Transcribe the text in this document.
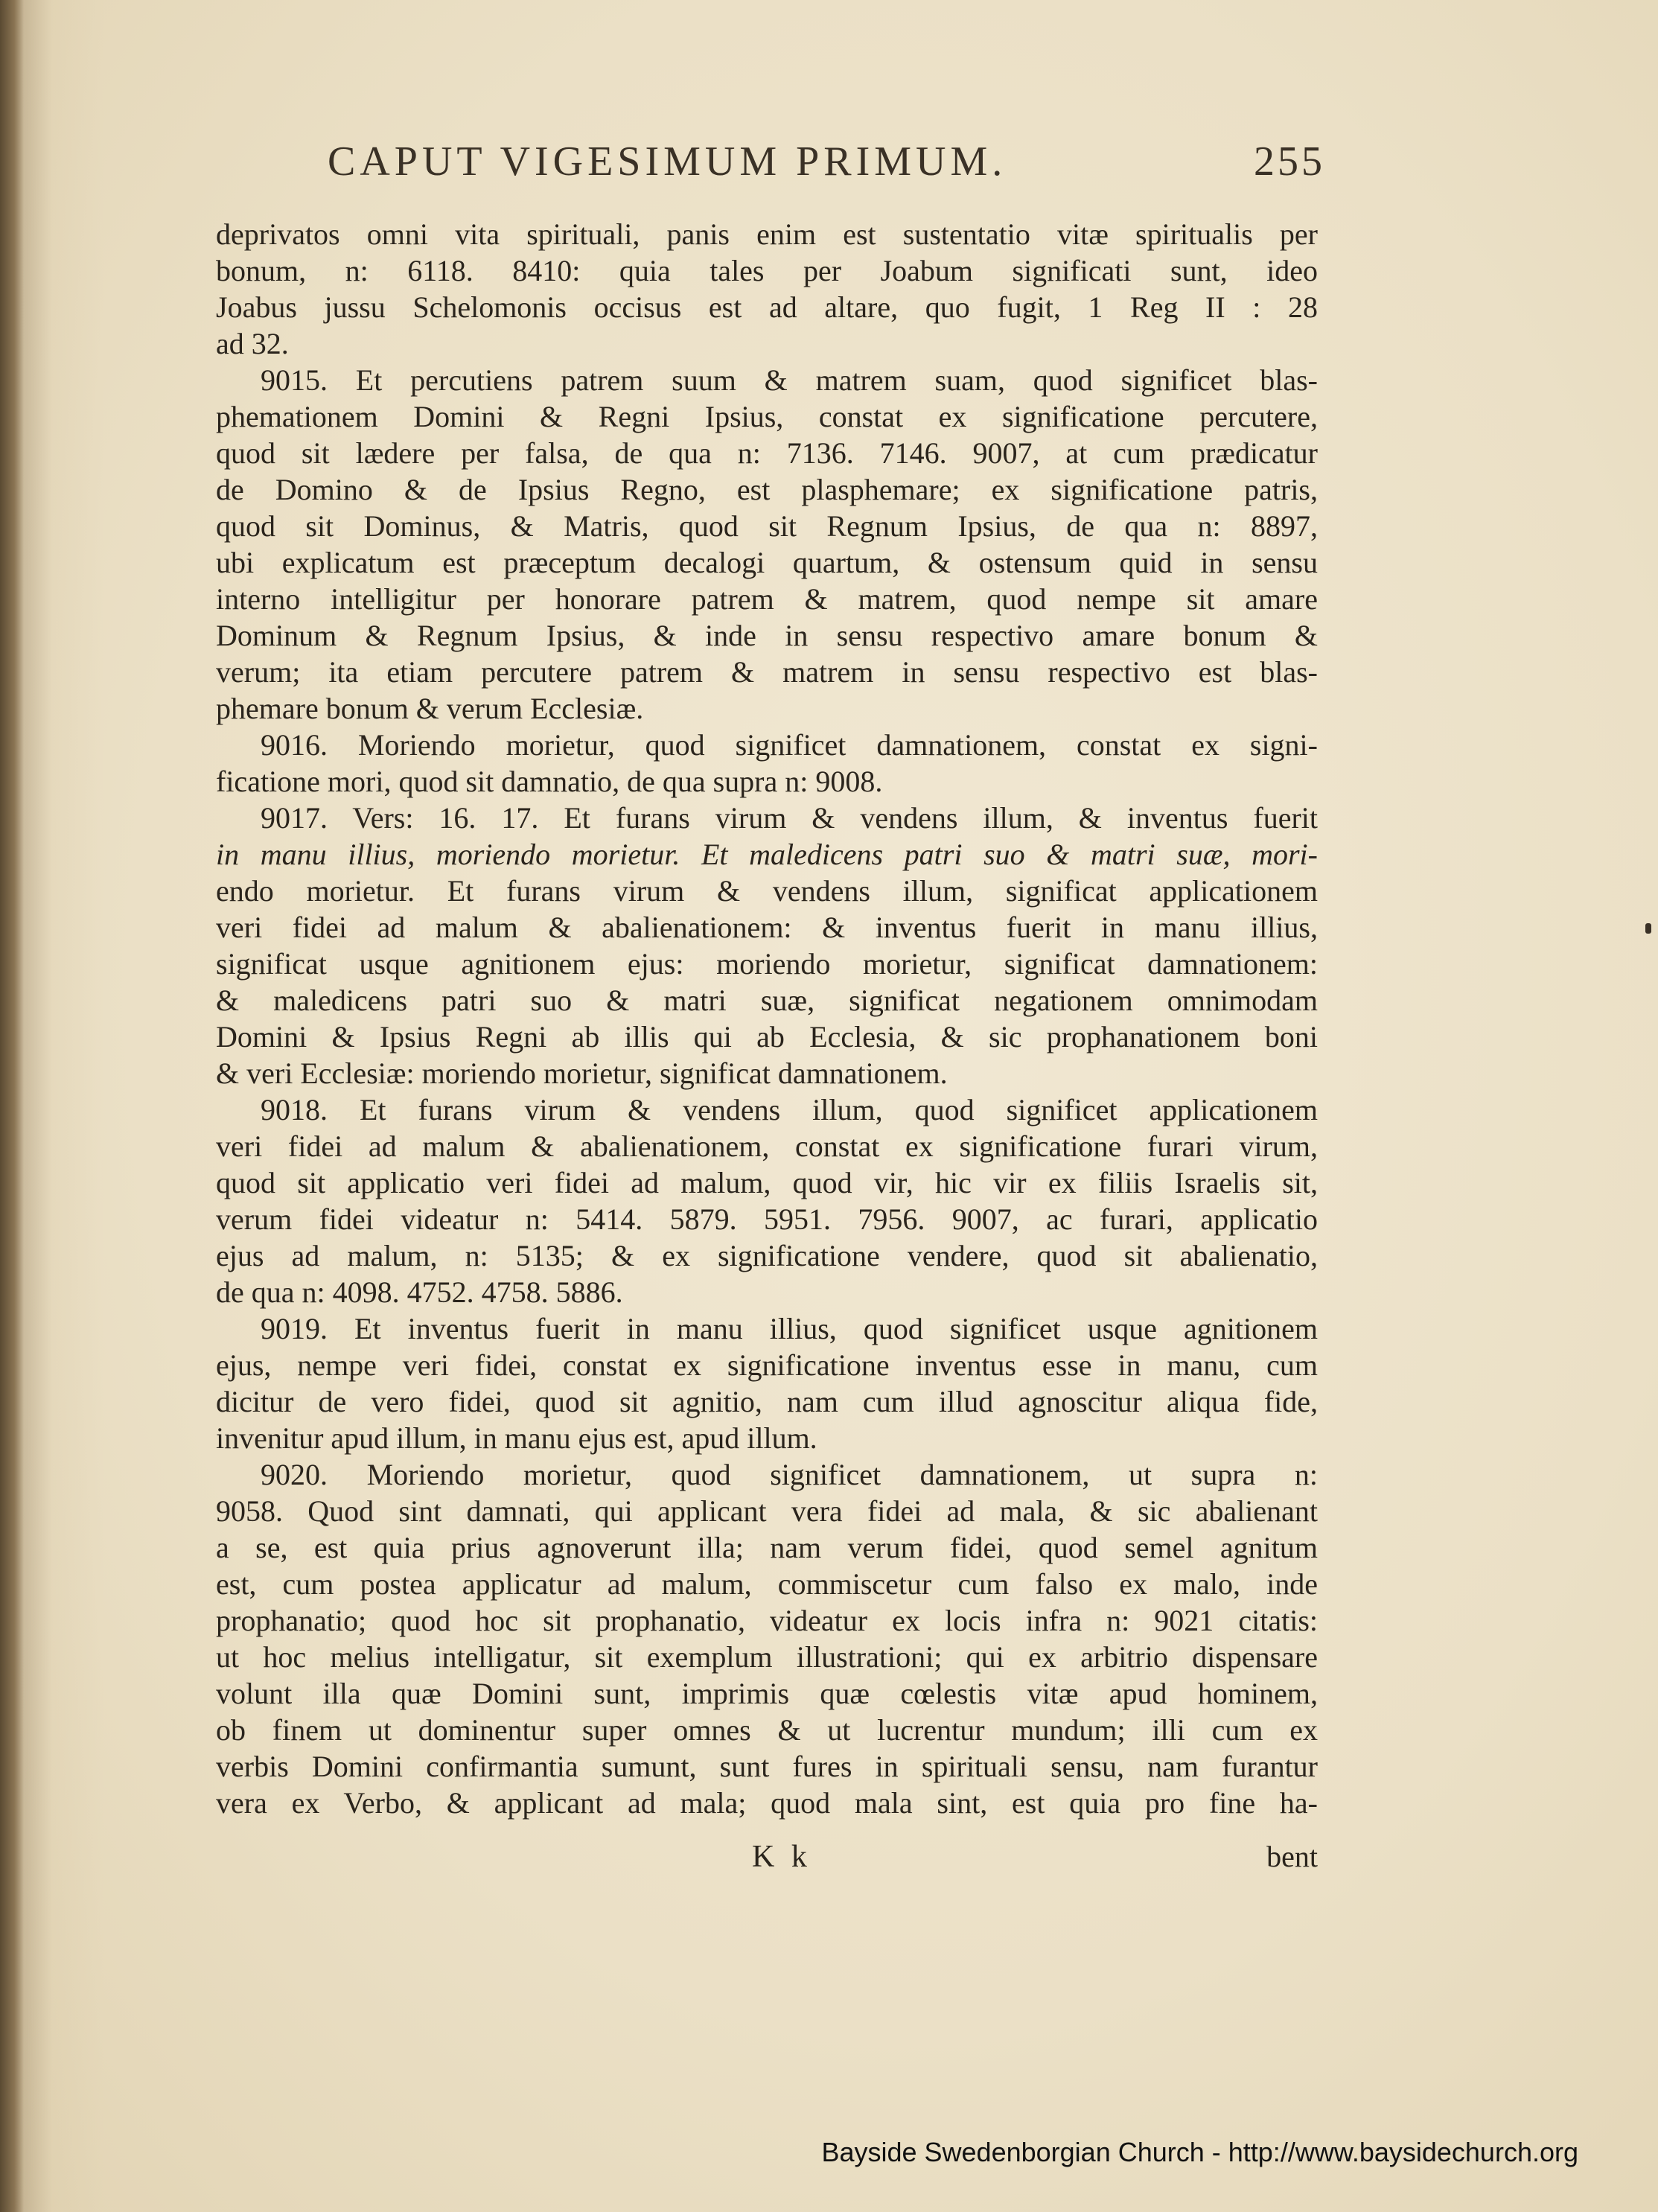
CAPUT VIGESIMUM PRIMUM.	255
deprivatos omni vita spirituali, panis enim est sustentatio vitæ spiritualis per
bonum, n: 6118. 8410: quia tales per Joabum significati sunt, ideo
Joabus jussu Schelomonis occisus est ad altare, quo fugit, 1 Reg II : 28
ad 32.
9015. Et percutiens patrem suum & matrem suam, quod significet blas-
phemationem Domini & Regni Ipsius, constat ex significatione percutere,
quod sit lædere per falsa, de qua n: 7136. 7146. 9007, at cum prædicatur
de Domino & de Ipsius Regno, est plasphemare; ex significatione patris,
quod sit Dominus, & Matris, quod sit Regnum Ipsius, de qua n: 8897,
ubi explicatum est præceptum decalogi quartum, & ostensum quid in sensu
interno intelligitur per honorare patrem & matrem, quod nempe sit amare
Dominum & Regnum Ipsius, & inde in sensu respectivo amare bonum &
verum; ita etiam percutere patrem & matrem in sensu respectivo est blas-
phemare bonum & verum Ecclesiæ.
9016. Moriendo morietur, quod significet damnationem, constat ex signi-
ficatione mori, quod sit damnatio, de qua supra n: 9008.
9017. Vers: 16. 17. Et furans virum & vendens illum, & inventus fuerit
in manu illius, moriendo morietur. Et maledicens patri suo & matri suæ, mori-
endo morietur. Et furans virum & vendens illum, significat applicationem
veri fidei ad malum & abalienationem: & inventus fuerit in manu illius,
significat usque agnitionem ejus: moriendo morietur, significat damnationem:
& maledicens patri suo & matri suæ, significat negationem omnimodam
Domini & Ipsius Regni ab illis qui ab Ecclesia, & sic prophanationem boni
& veri Ecclesiæ: moriendo morietur, significat damnationem.
9018. Et furans virum & vendens illum, quod significet applicationem
veri fidei ad malum & abalienationem, constat ex significatione furari virum,
quod sit applicatio veri fidei ad malum, quod vir, hic vir ex filiis Israelis sit,
verum fidei videatur n: 5414. 5879. 5951. 7956. 9007, ac furari, applicatio
ejus ad malum, n: 5135; & ex significatione vendere, quod sit abalienatio,
de qua n: 4098. 4752. 4758. 5886.
9019. Et inventus fuerit in manu illius, quod significet usque agnitionem
ejus, nempe veri fidei, constat ex significatione inventus esse in manu, cum
dicitur de vero fidei, quod sit agnitio, nam cum illud agnoscitur aliqua fide,
invenitur apud illum, in manu ejus est, apud illum.
9020. Moriendo morietur, quod significet damnationem, ut supra n:
9058. Quod sint damnati, qui applicant vera fidei ad mala, & sic abalienant
a se, est quia prius agnoverunt illa; nam verum fidei, quod semel agnitum
est, cum postea applicatur ad malum, commiscetur cum falso ex malo, inde
prophanatio; quod hoc sit prophanatio, videatur ex locis infra n: 9021 citatis:
ut hoc melius intelligatur, sit exemplum illustrationi; qui ex arbitrio dispensare
volunt illa quæ Domini sunt, imprimis quæ cœlestis vitæ apud hominem,
ob finem ut dominentur super omnes & ut lucrentur mundum; illi cum ex
verbis Domini confirmantia sumunt, sunt fures in spirituali sensu, nam furantur
vera ex Verbo, & applicant ad mala; quod mala sint, est quia pro fine ha-
K k	bent
Bayside Swedenborgian Church - http://www.baysidechurch.org
